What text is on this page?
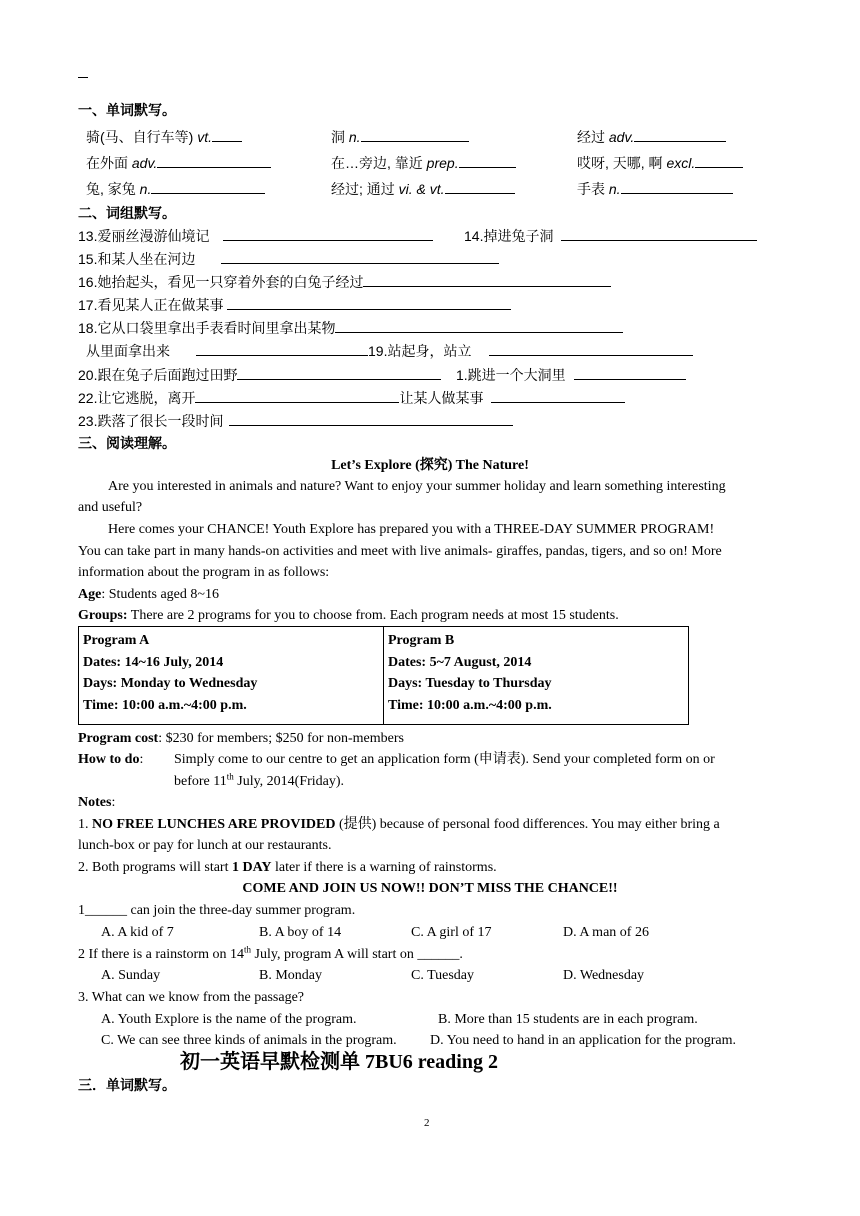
一、单词默写。
骑(马、自行车等) vt.	洞 n.	经过 adv.
在外面 adv.	在…旁边, 靠近 prep.	哎呀, 天哪, 啊 excl.
兔, 家兔 n.	经过; 通过 vi. & vt.	手表 n.
二、词组默写。
13.爱丽丝漫游仙境记	14.掉进兔子洞
15.和某人坐在河边
16.她抬起头，看见一只穿着外套的白兔子经过
17.看见某人正在做某事
18.它从口袋里拿出手表看时间里拿出某物
从里面拿出来	19.站起身，站立
20.跟在兔子后面跑过田野	1.跳进一个大洞里
22.让它逃脱，离开	让某人做某事
23.跌落了很长一段时间
三、阅读理解。
Let’s Explore (探究) The Nature!
Are you interested in animals and nature? Want to enjoy your summer holiday and learn something interesting
and useful?
Here comes your CHANCE! Youth Explore has prepared you with a THREE-DAY SUMMER PROGRAM!
You can take part in many hands-on activities and meet with live animals- giraffes, pandas, tigers, and so on! More
information about the program in as follows:
Age: Students aged 8~16
Groups: There are 2 programs for you to choose from. Each program needs at most 15 students.
Program A
Dates: 14~16 July, 2014
Days: Monday to Wednesday
Time: 10:00 a.m.~4:00 p.m.

Program B
Dates: 5~7 August, 2014
Days: Tuesday to Thursday
Time: 10:00 a.m.~4:00 p.m.
Program cost: $230 for members; $250 for non-members
How to do: Simply come to our centre to get an application form (申请表). Send your completed form on or
before 11th July, 2014(Friday).
Notes:
1. NO FREE LUNCHES ARE PROVIDED (提供) because of personal food differences. You may either bring a
lunch-box or pay for lunch at our restaurants.
2. Both programs will start 1 DAY later if there is a warning of rainstorms.
COME AND JOIN US NOW!! DON’T MISS THE CHANCE!!
1______ can join the three-day summer program.
A. A kid of 7	B. A boy of 14	C. A girl of 17	D. A man of 26
2 If there is a rainstorm on 14th July, program A will start on ______.
A. Sunday	B. Monday	C. Tuesday	D. Wednesday
3. What can we know from the passage?
A. Youth Explore is the name of the program.	B. More than 15 students are in each program.
C. We can see three kinds of animals in the program. D. You need to hand in an application for the program.
初一英语早默检测单 7BU6 reading 2
三．单词默写。
2
